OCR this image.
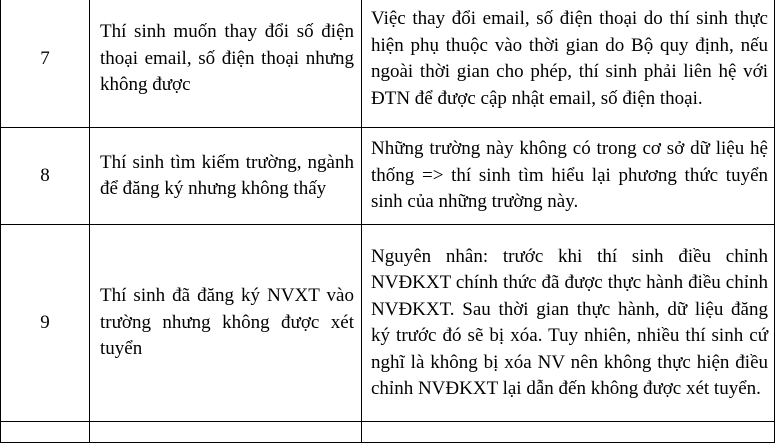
7	Thí sinh muốn thay đổi số điện thoại email, số điện thoại nhưng không được	Việc thay đổi email, số điện thoại do thí sinh thực hiện phụ thuộc vào thời gian do Bộ quy định, nếu ngoài thời gian cho phép, thí sinh phải liên hệ với ĐTN để được cập nhật email, số điện thoại.
8	Thí sinh tìm kiếm trường, ngành để đăng ký nhưng không thấy	Những trường này không có trong cơ sở dữ liệu hệ thống => thí sinh tìm hiểu lại phương thức tuyển sinh của những trường này.
9	Thí sinh đã đăng ký NVXT vào trường nhưng không được xét tuyển	Nguyên nhân: trước khi thí sinh điều chỉnh NVĐKXT chính thức đã được thực hành điều chỉnh NVĐKXT. Sau thời gian thực hành, dữ liệu đăng ký trước đó sẽ bị xóa. Tuy nhiên, nhiều thí sinh cứ nghĩ là không bị xóa NV nên không thực hiện điều chỉnh NVĐKXT lại dẫn đến không được xét tuyển.
